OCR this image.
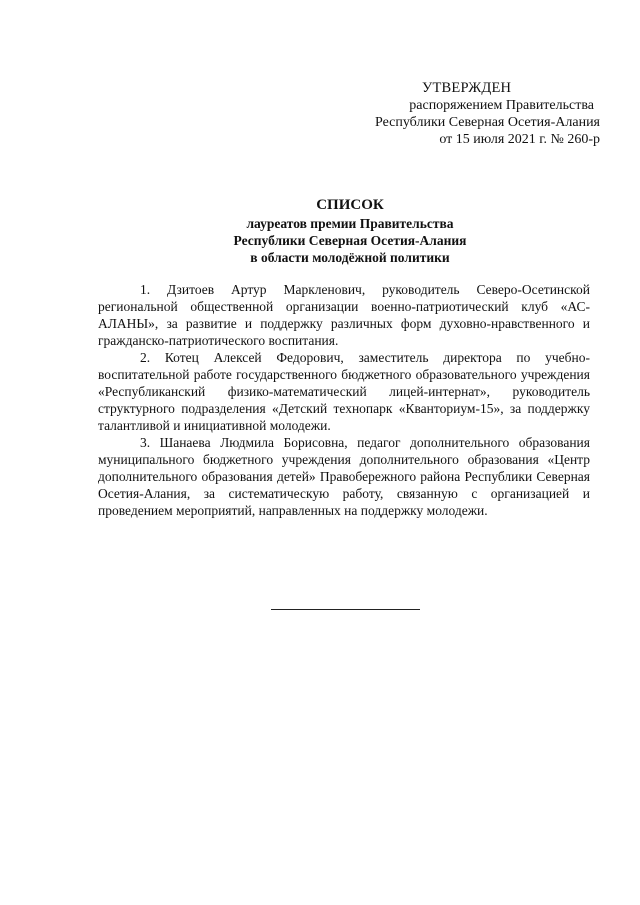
УТВЕРЖДЕН
распоряжением Правительства
Республики Северная Осетия-Алания
от 15 июля 2021 г. № 260-р
СПИСОК
лауреатов премии Правительства
Республики Северная Осетия-Алания
в области молодёжной политики

1. Дзитоев Артур Маркленович, руководитель Северо-Осетинской региональной общественной организации военно-патриотический клуб «АС-АЛАНЫ», за развитие и поддержку различных форм духовно-нравственного и гражданско-патриотического воспитания.

2. Котец Алексей Федорович, заместитель директора по учебно-воспитательной работе государственного бюджетного образовательного учреждения «Республиканский физико-математический лицей-интернат», руководитель структурного подразделения «Детский технопарк «Кванториум-15», за поддержку талантливой и инициативной молодежи.

3. Шанаева Людмила Борисовна, педагог дополнительного образования муниципального бюджетного учреждения дополнительного образования «Центр дополнительного образования детей» Правобережного района Республики Северная Осетия-Алания, за систематическую работу, связанную с организацией и проведением мероприятий, направленных на поддержку молодежи.
